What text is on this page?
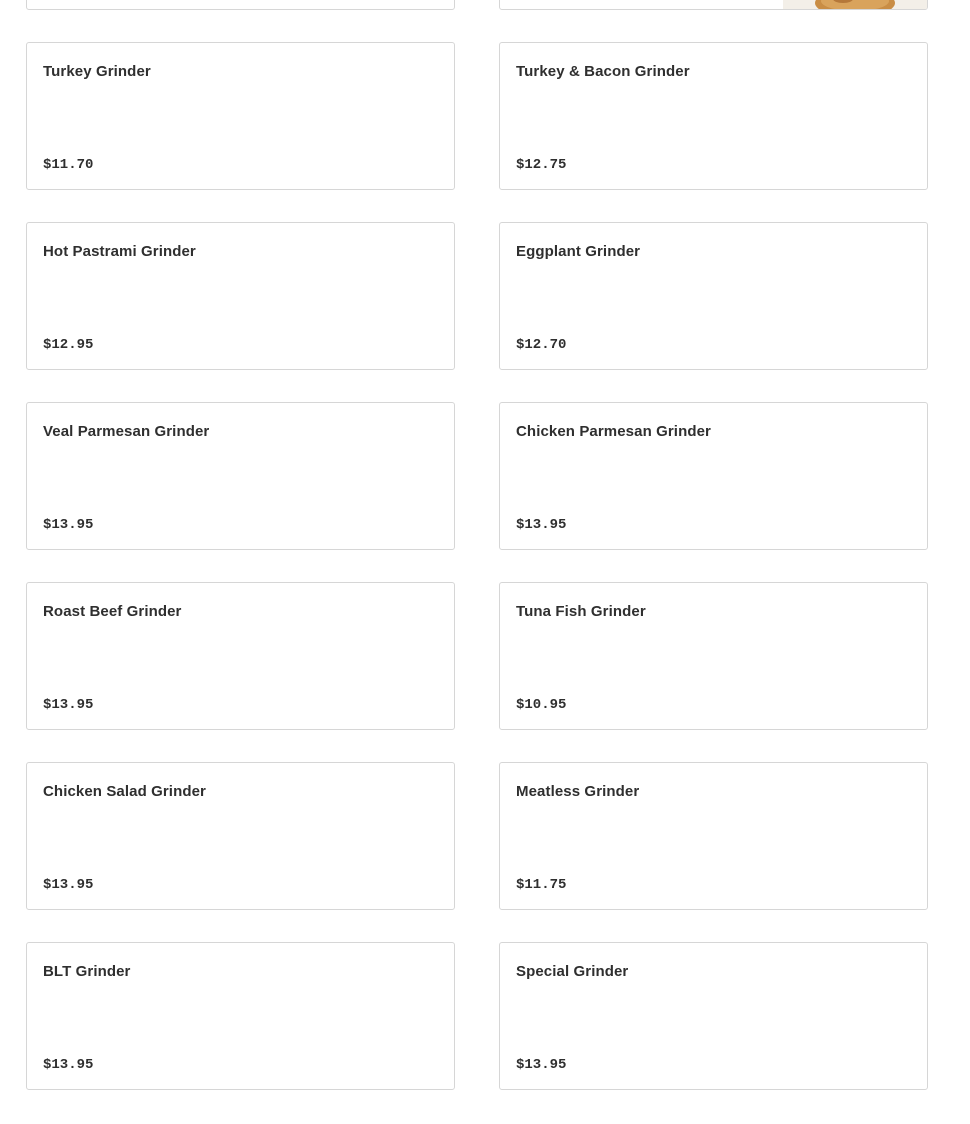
Turkey Grinder
$11.70
Turkey & Bacon Grinder
$12.75
Hot Pastrami Grinder
$12.95
Eggplant Grinder
$12.70
Veal Parmesan Grinder
$13.95
Chicken Parmesan Grinder
$13.95
Roast Beef Grinder
$13.95
Tuna Fish Grinder
$10.95
Chicken Salad Grinder
$13.95
Meatless Grinder
$11.75
BLT Grinder
$13.95
Special Grinder
$13.95
